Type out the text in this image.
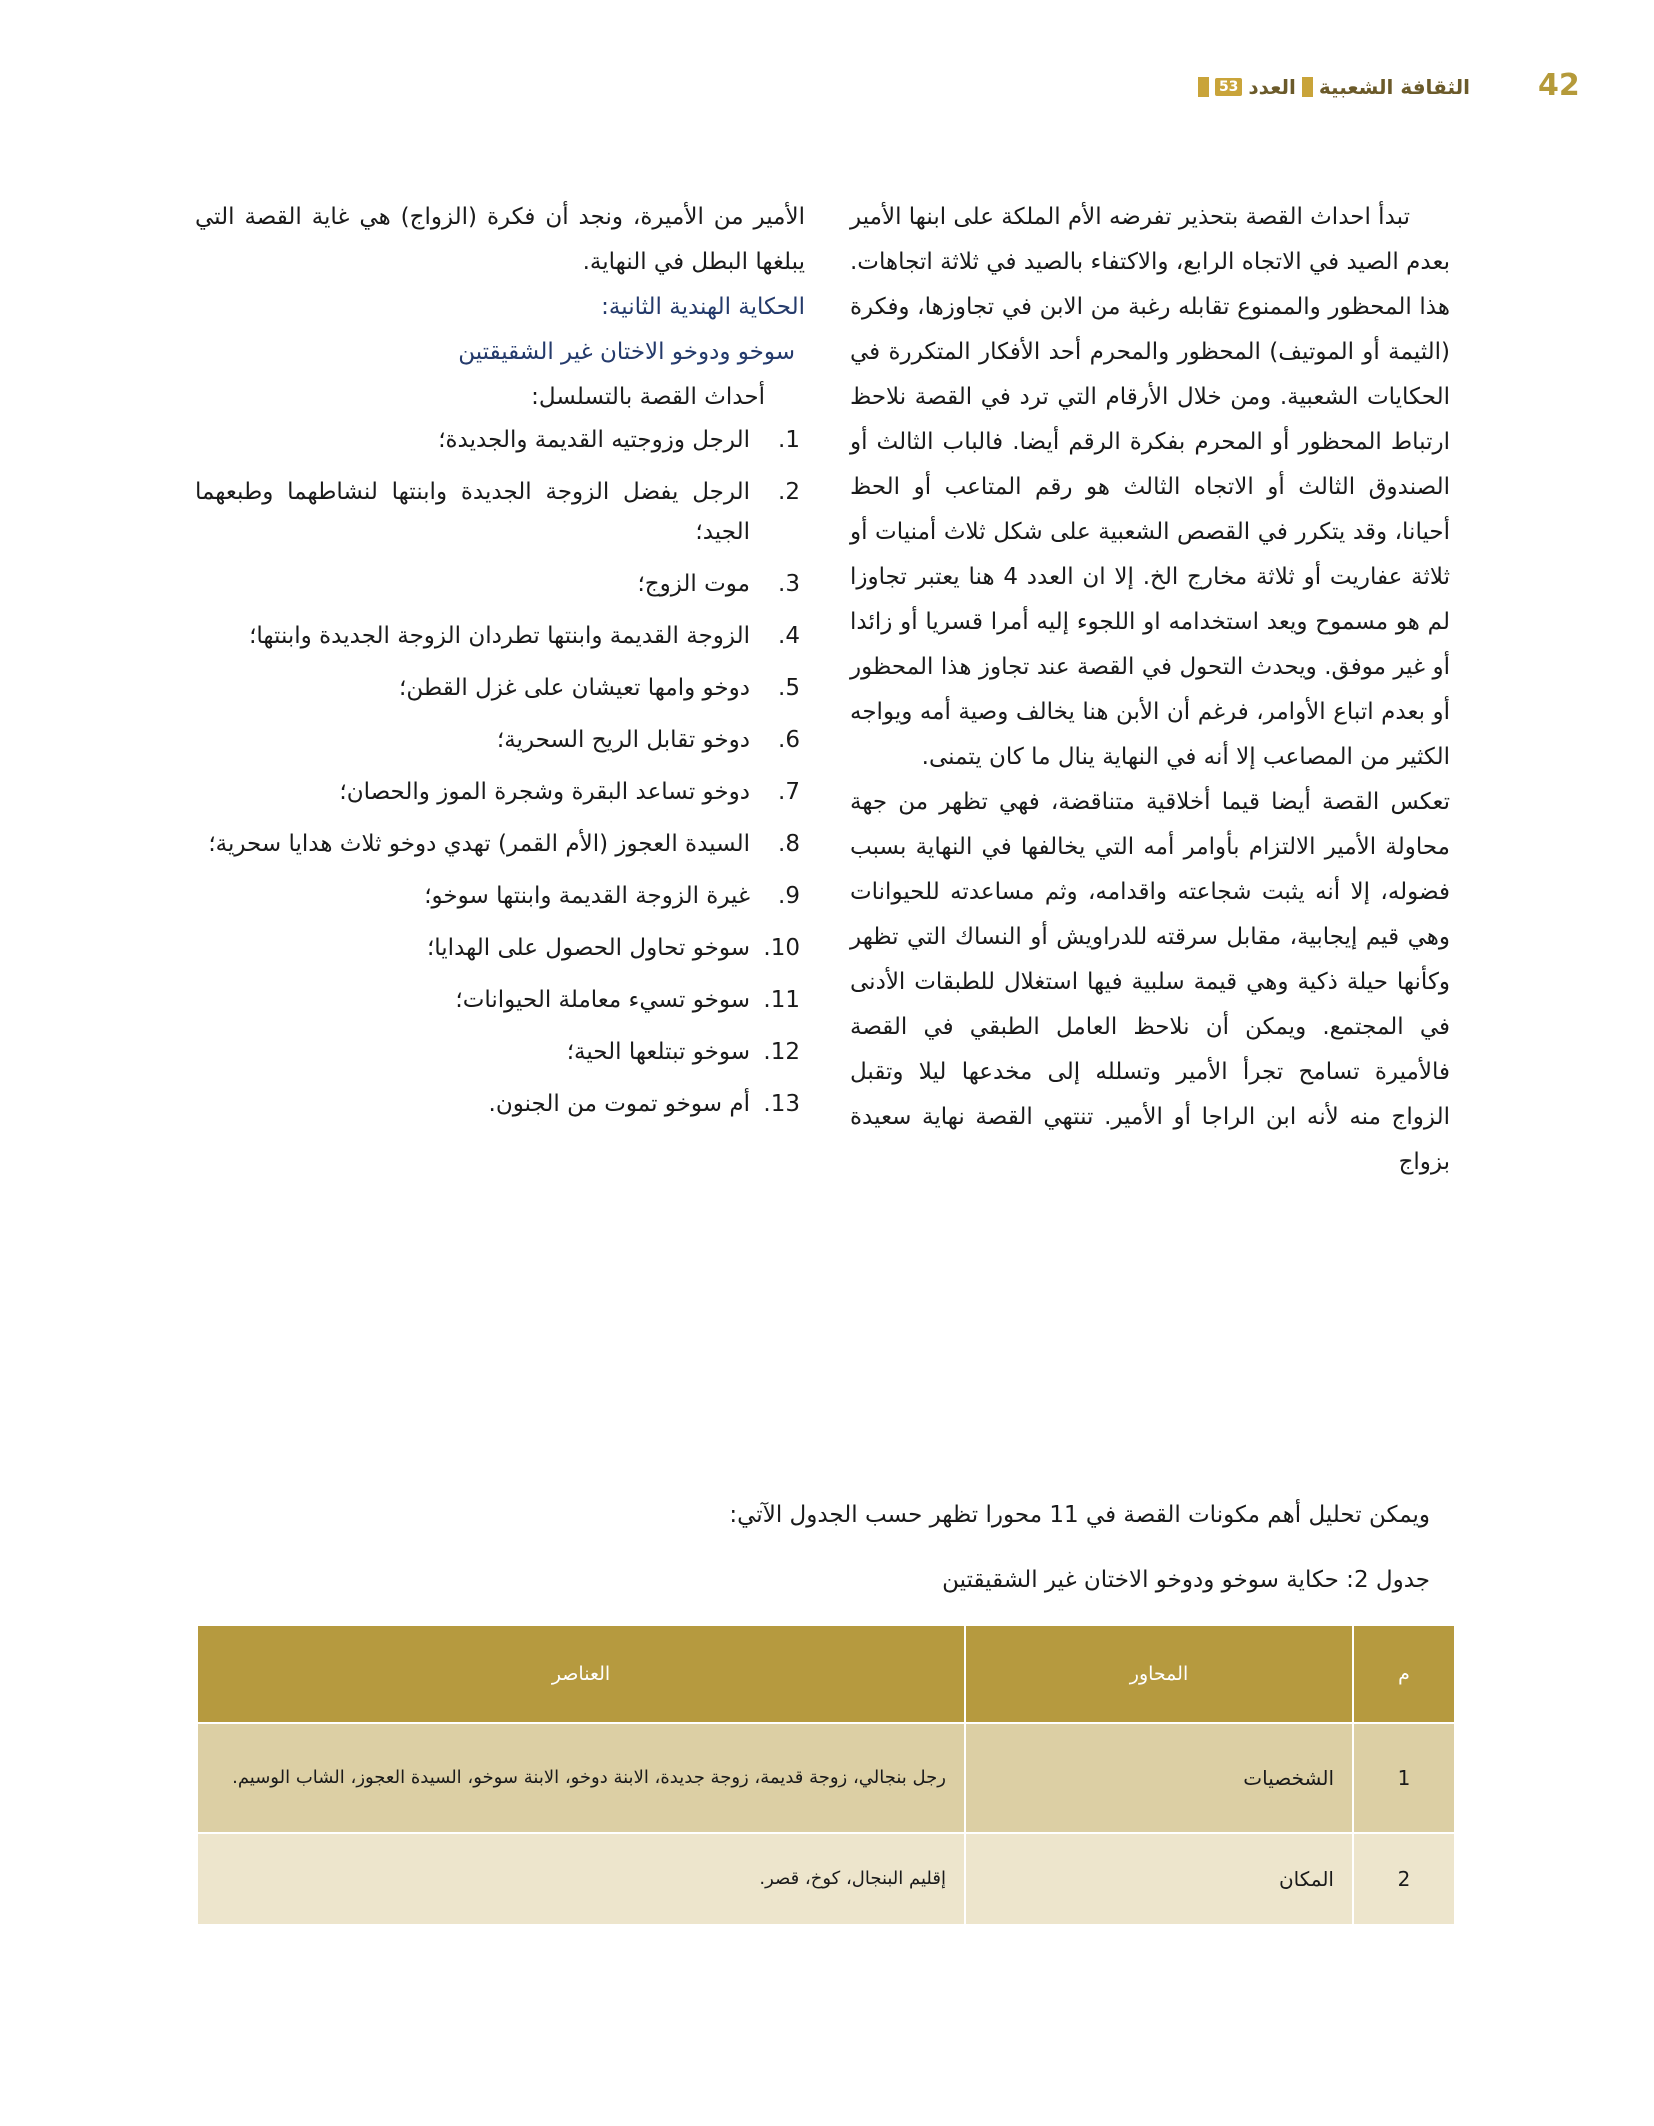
53 العدد الثقافة الشعبية 42

تبدأ احداث القصة بتحذير تفرضه الأم الملكة على ابنها الأمير بعدم الصيد في الاتجاه الرابع، والاكتفاء بالصيد في ثلاثة اتجاهات. هذا المحظور والممنوع تقابله رغبة من الابن في تجاوزها، وفكرة (الثيمة أو الموتيف) المحظور والمحرم أحد الأفكار المتكررة في الحكايات الشعبية. ومن خلال الأرقام التي ترد في القصة نلاحظ ارتباط المحظور أو المحرم بفكرة الرقم أيضا. فالباب الثالث أو الصندوق الثالث أو الاتجاه الثالث هو رقم المتاعب أو الحظ أحيانا، وقد يتكرر في القصص الشعبية على شكل ثلاث أمنيات أو ثلاثة عفاريت أو ثلاثة مخارج الخ. إلا ان العدد 4 هنا يعتبر تجاوزا لم هو مسموح ويعد استخدامه او اللجوء إليه أمرا قسريا أو زائدا أو غير موفق. ويحدث التحول في القصة عند تجاوز هذا المحظور أو بعدم اتباع الأوامر، فرغم أن الأبن هنا يخالف وصية أمه ويواجه الكثير من المصاعب إلا أنه في النهاية ينال ما كان يتمنى.

تعكس القصة أيضا قيما أخلاقية متناقضة، فهي تظهر من جهة محاولة الأمير الالتزام بأوامر أمه التي يخالفها في النهاية بسبب فضوله، إلا أنه يثبت شجاعته واقدامه، وثم مساعدته للحيوانات وهي قيم إيجابية، مقابل سرقته للدراويش أو النساك التي تظهر وكأنها حيلة ذكية وهي قيمة سلبية فيها استغلال للطبقات الأدنى في المجتمع. ويمكن أن نلاحظ العامل الطبقي في القصة فالأميرة تسامح تجرأ الأمير وتسلله إلى مخدعها ليلا وتقبل الزواج منه لأنه ابن الراجا أو الأمير. تنتهي القصة نهاية سعيدة بزواج

الأمير من الأميرة، ونجد أن فكرة (الزواج) هي غاية القصة التي يبلغها البطل في النهاية.

الحكاية الهندية الثانية:

سوخو ودوخو الاختان غير الشقيقتين

أحداث القصة بالتسلسل:

1.
الرجل وزوجتيه القديمة والجديدة؛
2.
الرجل يفضل الزوجة الجديدة وابنتها لنشاطهما وطبعهما الجيد؛
3.
موت الزوج؛
4.
الزوجة القديمة وابنتها تطردان الزوجة الجديدة وابنتها؛
5.
دوخو وامها تعيشان على غزل القطن؛
6.
دوخو تقابل الريح السحرية؛
7.
دوخو تساعد البقرة وشجرة الموز والحصان؛
8.
السيدة العجوز (الأم القمر) تهدي دوخو ثلاث هدايا سحرية؛
9.
غيرة الزوجة القديمة وابنتها سوخو؛
10.
سوخو تحاول الحصول على الهدايا؛
11.
سوخو تسيء معاملة الحيوانات؛
12.
سوخو تبتلعها الحية؛
13.
أم سوخو تموت من الجنون.

ويمكن تحليل أهم مكونات القصة في 11 محورا تظهر حسب الجدول الآتي:

جدول 2: حكاية سوخو ودوخو الاختان غير الشقيقتين

م	المحاور	العناصر
1	الشخصيات	رجل بنجالي، زوجة قديمة، زوجة جديدة، الابنة دوخو، الابنة سوخو، السيدة العجوز، الشاب الوسيم.
2	المكان	إقليم البنجال، كوخ، قصر.
